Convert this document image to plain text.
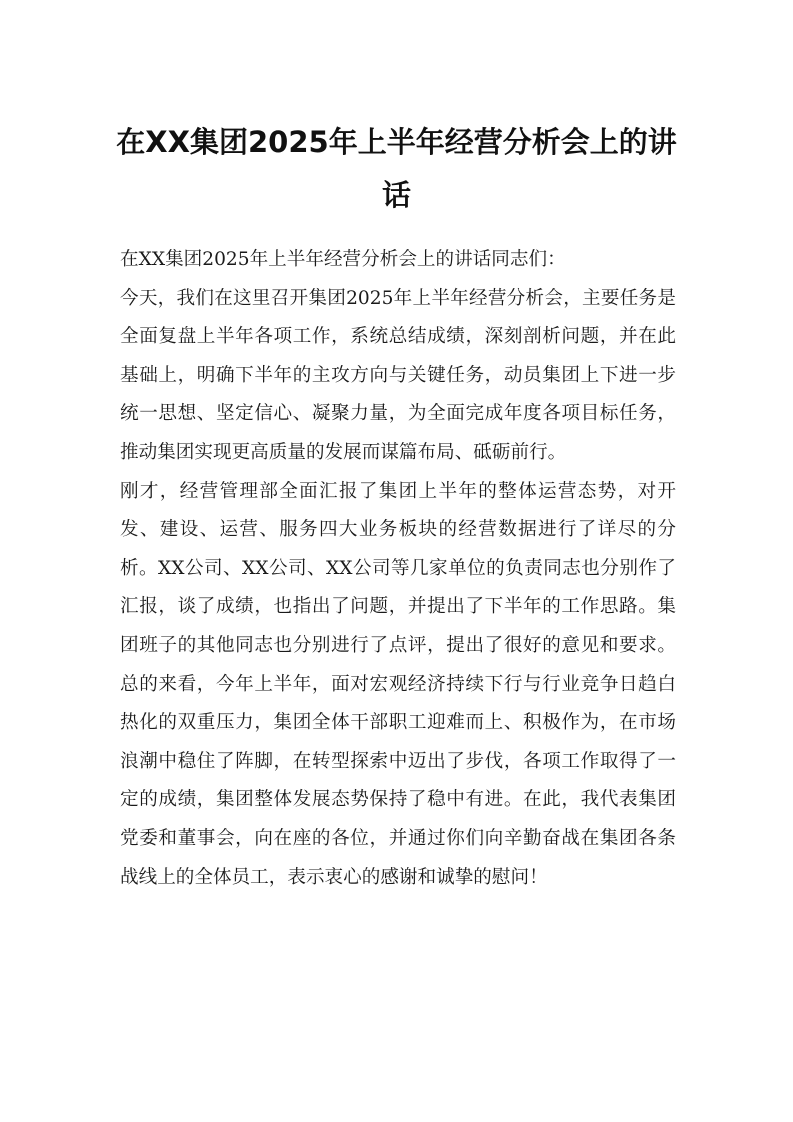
在XX集团2025年上半年经营分析会上的讲话

在XX集团2025年上半年经营分析会上的讲话同志们：

今天，我们在这里召开集团2025年上半年经营分析会，主要任务是全面复盘上半年各项工作，系统总结成绩，深刻剖析问题，并在此基础上，明确下半年的主攻方向与关键任务，动员集团上下进一步统一思想、坚定信心、凝聚力量，为全面完成年度各项目标任务，推动集团实现更高质量的发展而谋篇布局、砥砺前行。

刚才，经营管理部全面汇报了集团上半年的整体运营态势，对开发、建设、运营、服务四大业务板块的经营数据进行了详尽的分析。XX公司、XX公司、XX公司等几家单位的负责同志也分别作了汇报，谈了成绩，也指出了问题，并提出了下半年的工作思路。集团班子的其他同志也分别进行了点评，提出了很好的意见和要求。总的来看，今年上半年，面对宏观经济持续下行与行业竞争日趋白热化的双重压力，集团全体干部职工迎难而上、积极作为，在市场浪潮中稳住了阵脚，在转型探索中迈出了步伐，各项工作取得了一定的成绩，集团整体发展态势保持了稳中有进。在此，我代表集团党委和董事会，向在座的各位，并通过你们向辛勤奋战在集团各条战线上的全体员工，表示衷心的感谢和诚挚的慰问！
